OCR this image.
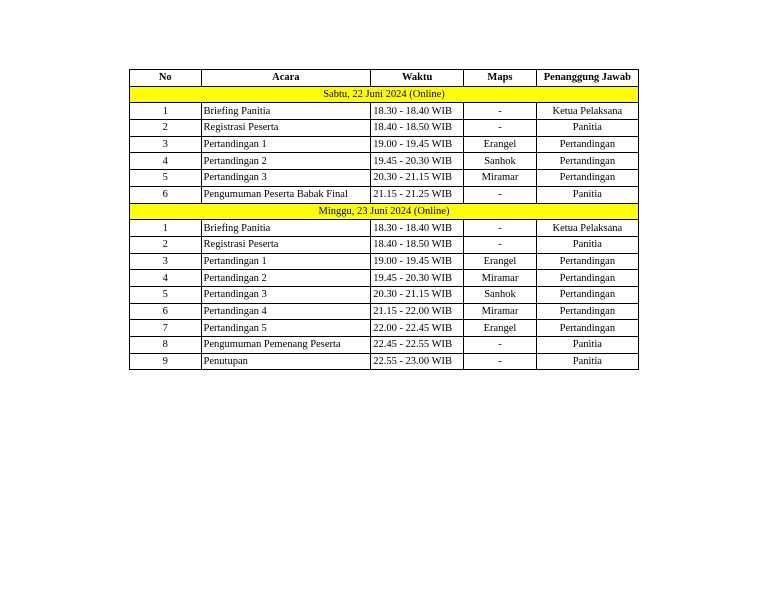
No	Acara	Waktu	Maps	Penanggung Jawab
Sabtu, 22 Juni 2024 (Online)				
1	Briefing Panitia	18.30 - 18.40 WIB	-	Ketua Pelaksana
2	Registrasi Peserta	18.40 - 18.50 WIB	-	Panitia
3	Pertandingan 1	19.00 - 19.45 WIB	Erangel	Pertandingan
4	Pertandingan 2	19.45 - 20.30 WIB	Sanhok	Pertandingan
5	Pertandingan 3	20.30 - 21.15 WIB	Miramar	Pertandingan
6	Pengumuman Peserta Babak Final	21.15 - 21.25 WIB	-	Panitia
Minggu, 23 Juni 2024 (Online)				
1	Briefing Panitia	18.30 - 18.40 WIB	-	Ketua Pelaksana
2	Registrasi Peserta	18.40 - 18.50 WIB	-	Panitia
3	Pertandingan 1	19.00 - 19.45 WIB	Erangel	Pertandingan
4	Pertandingan 2	19.45 - 20.30 WIB	Miramar	Pertandingan
5	Pertandingan 3	20.30 - 21.15 WIB	Sanhok	Pertandingan
6	Pertandingan 4	21.15 - 22.00 WIB	Miramar	Pertandingan
7	Pertandingan 5	22.00 - 22.45 WIB	Erangel	Pertandingan
8	Pengumuman Pemenang Peserta	22.45 - 22.55 WIB	-	Panitia
9	Penutupan	22.55 - 23.00 WIB	-	Panitia
